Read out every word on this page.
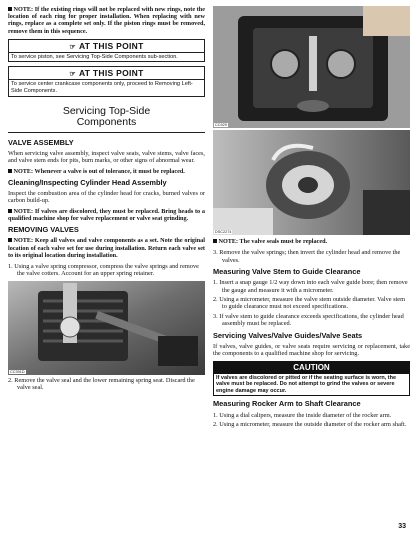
NOTE: If the existing rings will not be replaced with new rings, note the location of each ring for proper installation. When replacing with new rings, replace as a complete set only. If the piston rings must be removed, remove them in this sequence.

☞ AT THIS POINT
To service piston, see Servicing Top-Side Components sub-section.
☞ AT THIS POINT
To service center crankcase components only, proceed to Removing Left-Side Components.
Servicing Top-Side
Components
VALVE ASSEMBLY

When servicing valve assembly, inspect valve seats, valve stems, valve faces, and valve stem ends for pits, burn marks, or other signs of abnormal wear.

NOTE: Whenever a valve is out of tolerance, it must be replaced.

Cleaning/Inspecting Cylinder Head Assembly

Inspect the combustion area of the cylinder head for cracks, burned valves or carbon build-up.

NOTE: If valves are discolored, they must be replaced. Bring heads to a qualified machine shop for valve replacement or valve seat grinding.

REMOVING VALVES

NOTE: Keep all valves and valve components as a set. Note the original location of each valve set for use during installation. Return each valve set to its original location during installation.

1. Using a valve spring compressor, compress the valve springs and remove the valve cotters. Account for an upper spring retainer.
CC391D
2. Remove the valve seal and the lower remaining spring seat. Discard the valve seal.
CC929
DSC2274

NOTE: The valve seals must be replaced.

3. Remove the valve springs; then invert the cylinder head and remove the valves.
Measuring Valve Stem to Guide Clearance
1. Insert a snap gauge 1/2 way down into each valve guide bore; then remove the gauge and measure it with a micrometer.
2. Using a micrometer, measure the valve stem outside diameter. Valve stem to guide clearance must not exceed specifications.
3. If valve stem to guide clearance exceeds specifications, the cylinder head assembly must be replaced.
Servicing Valves/Valve Guides/Valve Seats

If valves, valve guides, or valve seats require servicing or replacement, take the components to a qualified machine shop for servicing.

CAUTION
If valves are discolored or pitted or if the seating surface is worn, the valve must be replaced. Do not attempt to grind the valves or severe engine damage may occur.
Measuring Rocker Arm to Shaft Clearance
1. Using a dial calipers, measure the inside diameter of the rocker arm.
2. Using a micrometer, measure the outside diameter of the rocker arm shaft.
33
